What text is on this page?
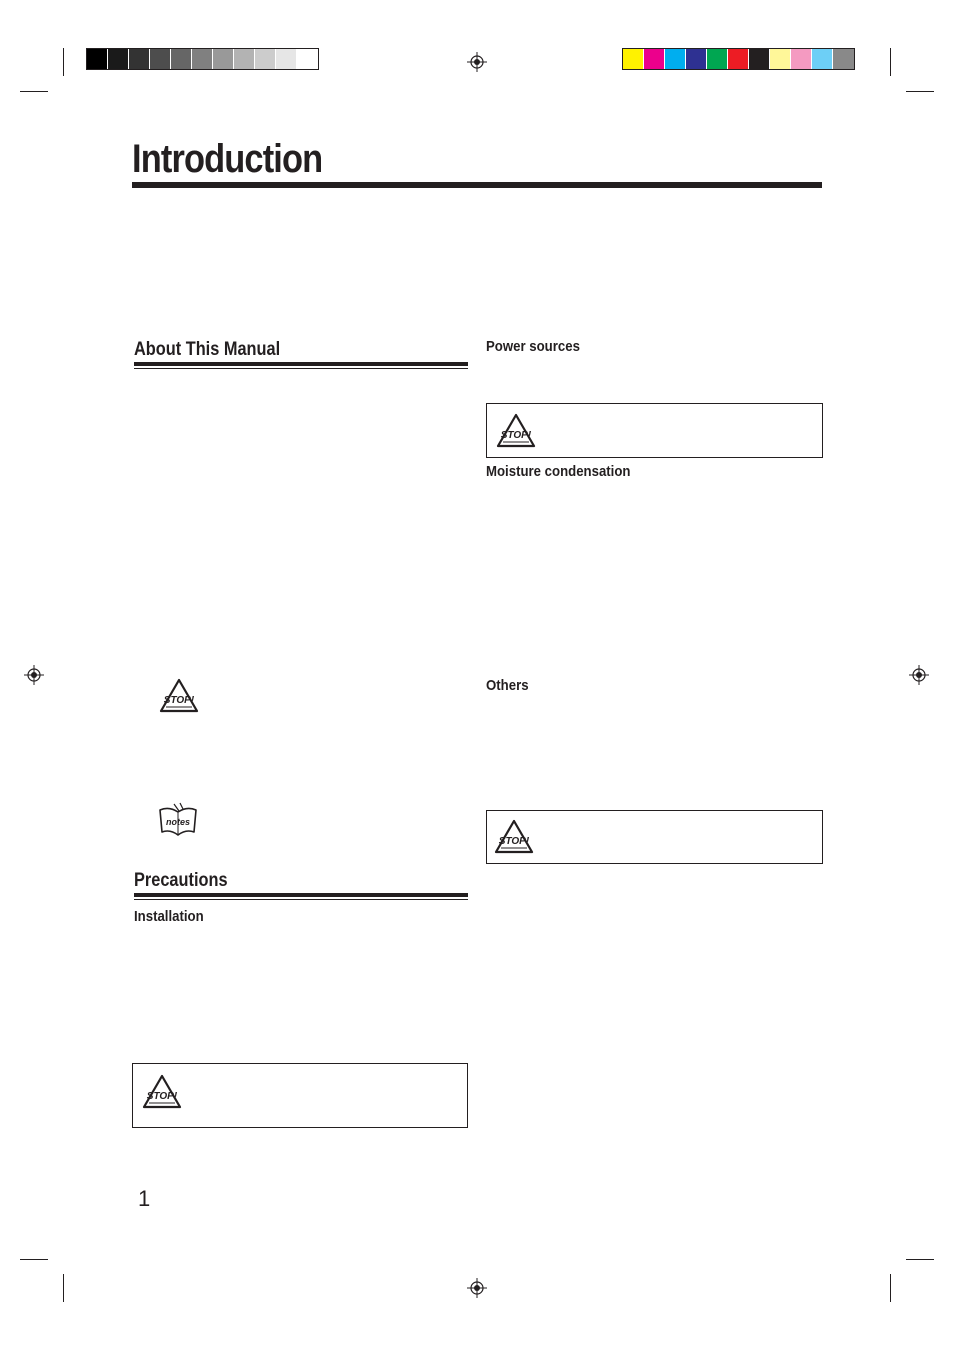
Introduction
About This Manual
STOP!
notes
Precautions
Installation
STOP!
1
Power sources
STOP!
Moisture condensation
Others
STOP!
